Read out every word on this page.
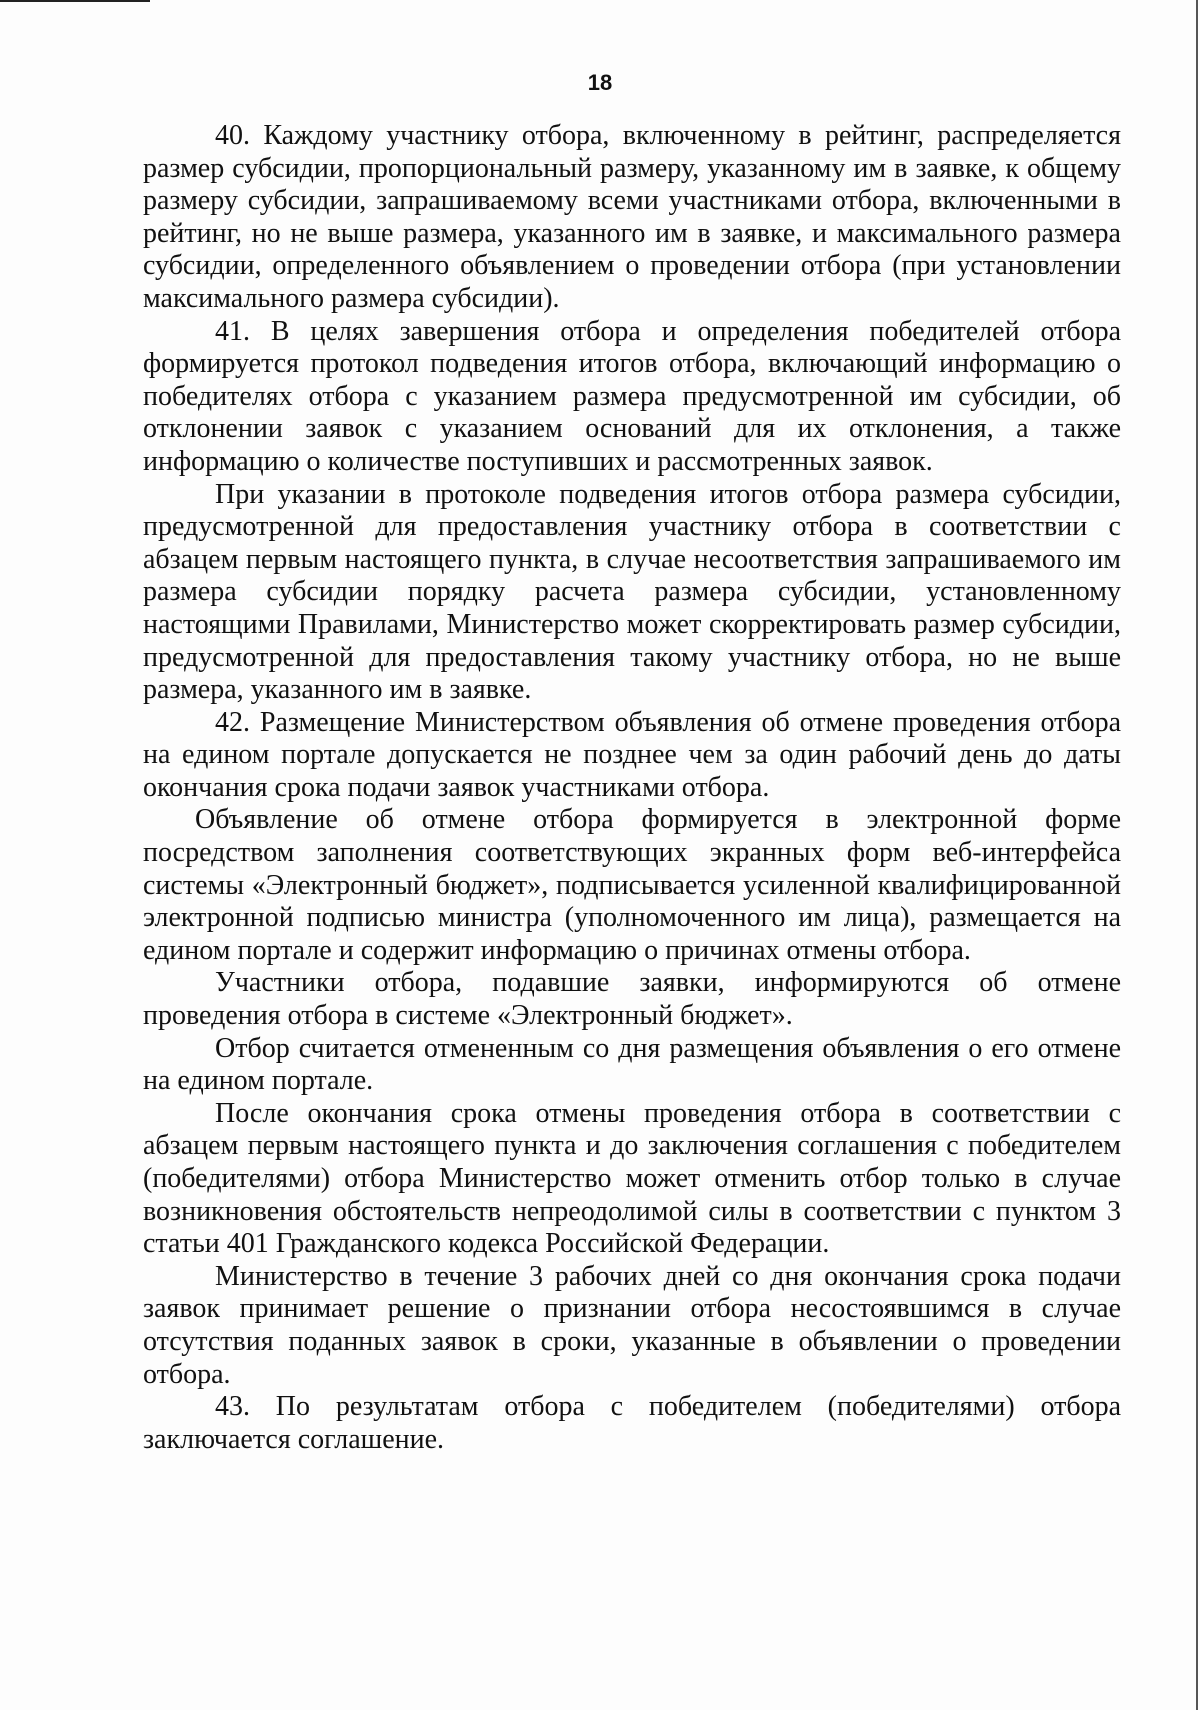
18

40. Каждому участнику отбора, включенному в рейтинг, распределяется размер субсидии, пропорциональный размеру, указанному им в заявке, к общему размеру субсидии, запрашиваемому всеми участниками отбора, включенными в рейтинг, но не выше размера, указанного им в заявке, и максимального размера субсидии, определенного объявлением о проведении отбора (при установлении максимального размера субсидии).

41. В целях завершения отбора и определения победителей отбора формируется протокол подведения итогов отбора, включающий информацию о победителях отбора с указанием размера предусмотренной им субсидии, об отклонении заявок с указанием оснований для их отклонения, а также информацию о количестве поступивших и рассмотренных заявок.

При указании в протоколе подведения итогов отбора размера субсидии, предусмотренной для предоставления участнику отбора в соответствии с абзацем первым настоящего пункта, в случае несоответствия запрашиваемого им размера субсидии порядку расчета размера субсидии, установленному настоящими Правилами, Министерство может скорректировать размер субсидии, предусмотренной для предоставления такому участнику отбора, но не выше размера, указанного им в заявке.

42. Размещение Министерством объявления об отмене проведения отбора на едином портале допускается не позднее чем за один рабочий день до даты окончания срока подачи заявок участниками отбора.

Объявление об отмене отбора формируется в электронной форме посредством заполнения соответствующих экранных форм веб-интерфейса системы «Электронный бюджет», подписывается усиленной квалифицированной электронной подписью министра (уполномоченного им лица), размещается на едином портале и содержит информацию о причинах отмены отбора.

Участники отбора, подавшие заявки, информируются об отмене проведения отбора в системе «Электронный бюджет».

Отбор считается отмененным со дня размещения объявления о его отмене на едином портале.

После окончания срока отмены проведения отбора в соответствии с абзацем первым настоящего пункта и до заключения соглашения с победителем (победителями) отбора Министерство может отменить отбор только в случае возникновения обстоятельств непреодолимой силы в соответствии с пунктом 3 статьи 401 Гражданского кодекса Российской Федерации.

Министерство в течение 3 рабочих дней со дня окончания срока подачи заявок принимает решение о признании отбора несостоявшимся в случае отсутствия поданных заявок в сроки, указанные в объявлении о проведении отбора.

43. По результатам отбора с победителем (победителями) отбора заключается соглашение.
